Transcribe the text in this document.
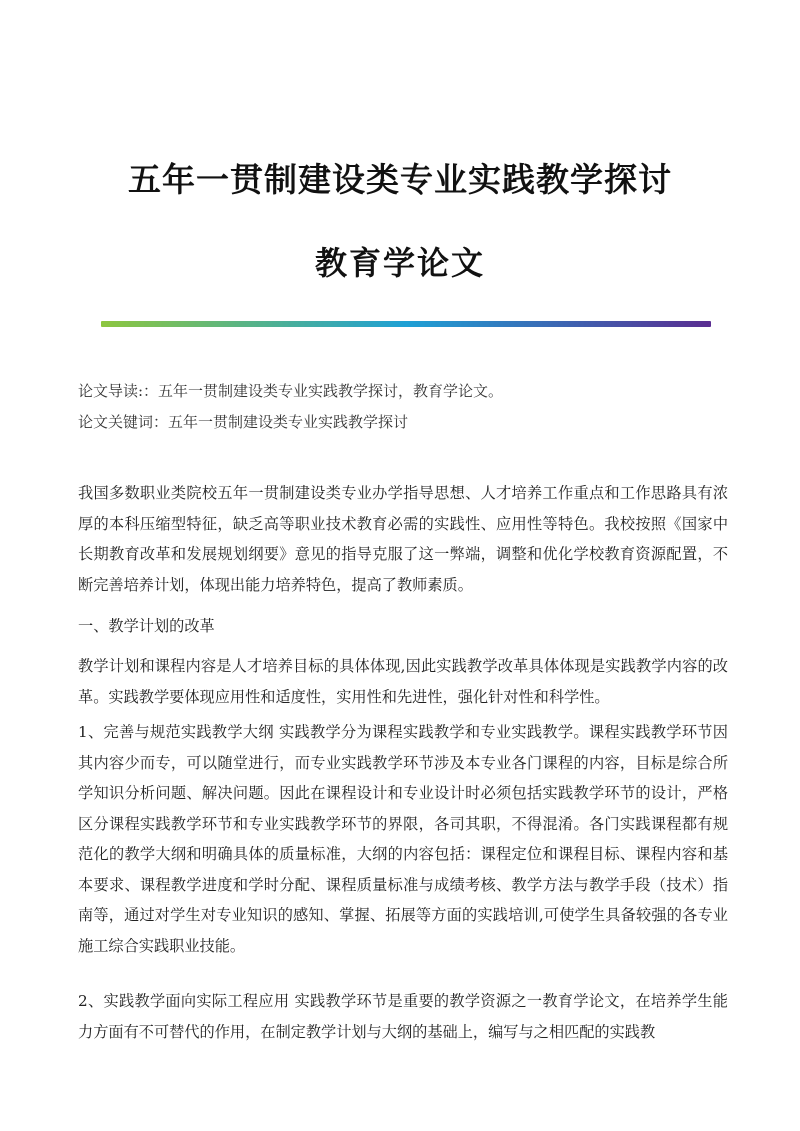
五年一贯制建设类专业实践教学探讨
教育学论文
论文导读:：五年一贯制建设类专业实践教学探讨，教育学论文。
论文关键词：五年一贯制建设类专业实践教学探讨
我国多数职业类院校五年一贯制建设类专业办学指导思想、人才培养工作重点和工作思路具有浓厚的本科压缩型特征，缺乏高等职业技术教育必需的实践性、应用性等特色。我校按照《国家中长期教育改革和发展规划纲要》意见的指导克服了这一弊端，调整和优化学校教育资源配置，不断完善培养计划，体现出能力培养特色，提高了教师素质。
一、教学计划的改革
教学计划和课程内容是人才培养目标的具体体现,因此实践教学改革具体体现是实践教学内容的改革。实践教学要体现应用性和适度性，实用性和先进性，强化针对性和科学性。
1、完善与规范实践教学大纲 实践教学分为课程实践教学和专业实践教学。课程实践教学环节因其内容少而专，可以随堂进行，而专业实践教学环节涉及本专业各门课程的内容，目标是综合所学知识分析问题、解决问题。因此在课程设计和专业设计时必须包括实践教学环节的设计，严格区分课程实践教学环节和专业实践教学环节的界限，各司其职，不得混淆。各门实践课程都有规范化的教学大纲和明确具体的质量标准，大纲的内容包括：课程定位和课程目标、课程内容和基本要求、课程教学进度和学时分配、课程质量标准与成绩考核、教学方法与教学手段（技术）指南等，通过对学生对专业知识的感知、掌握、拓展等方面的实践培训,可使学生具备较强的各专业施工综合实践职业技能。
2、实践教学面向实际工程应用 实践教学环节是重要的教学资源之一教育学论文，在培养学生能力方面有不可替代的作用，在制定教学计划与大纲的基础上，编写与之相匹配的实践教
